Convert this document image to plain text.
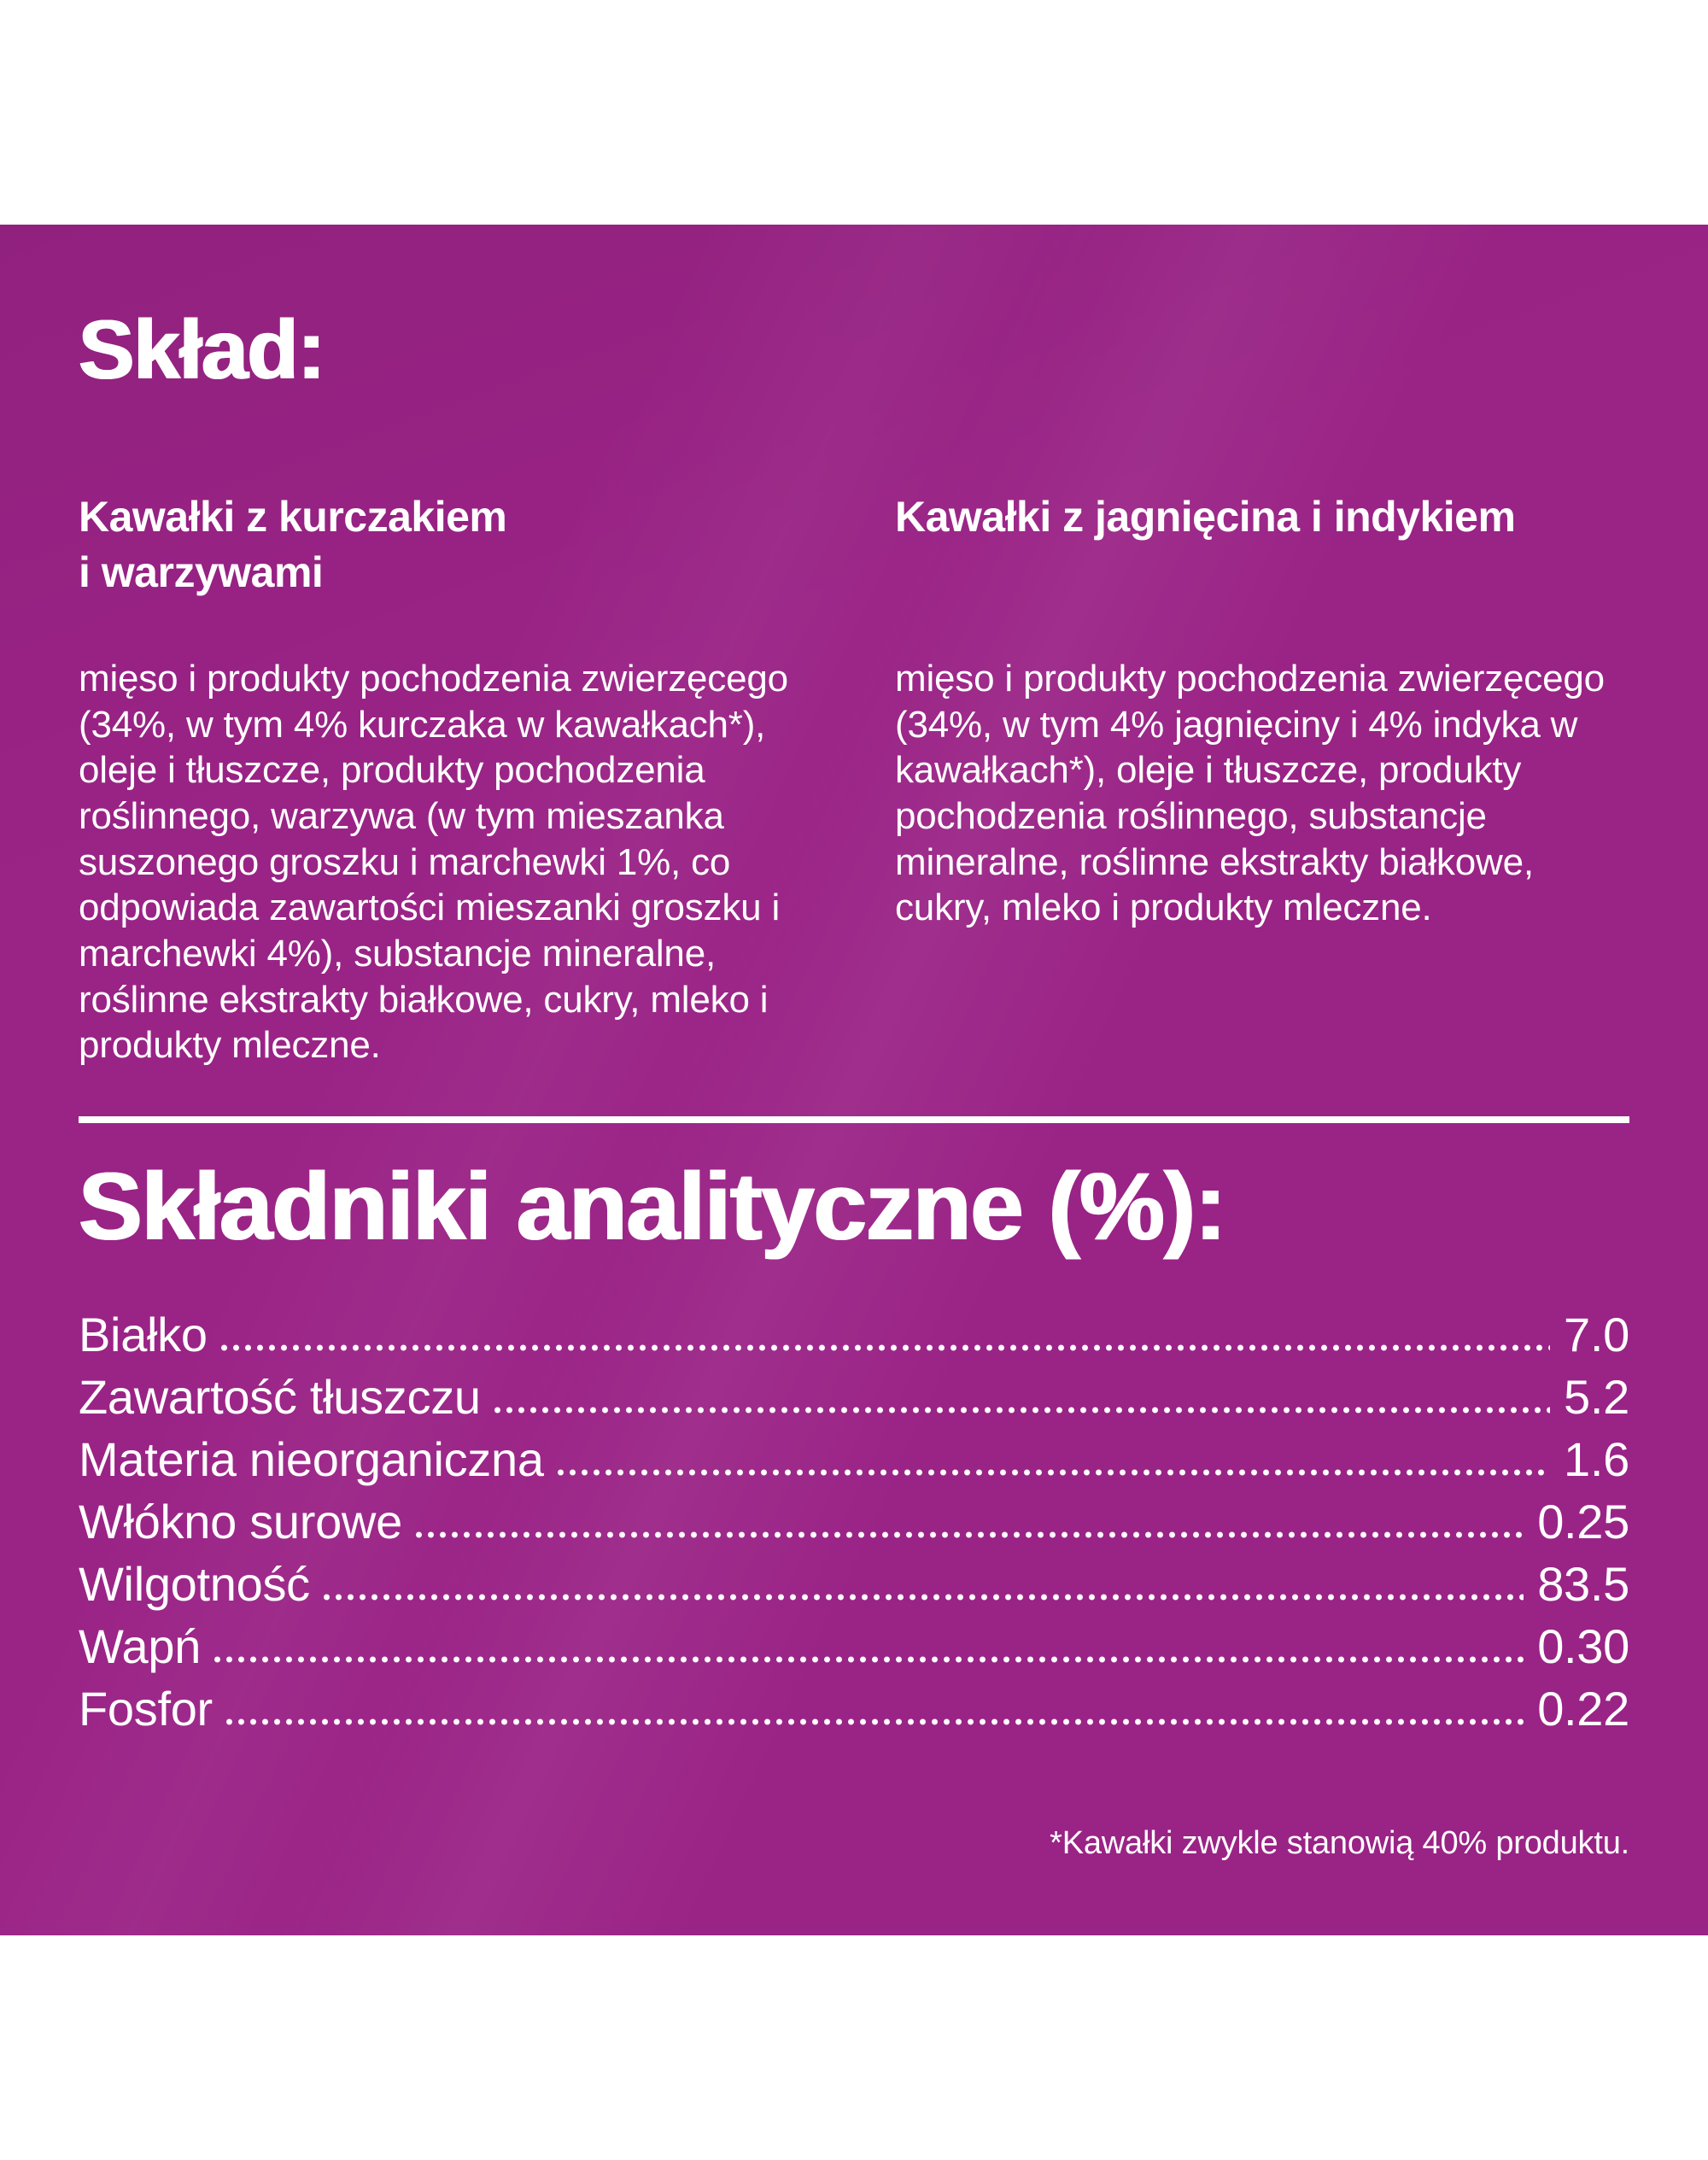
Skład:
Kawałki z kurczakiem
i warzywami
mięso i produkty pochodzenia zwierzęcego (34%, w tym 4% kurczaka w kawałkach*), oleje i tłuszcze, produkty pochodzenia roślinnego, warzywa (w tym mieszanka suszonego groszku i marchewki 1%, co odpowiada zawartości mieszanki groszku i marchewki 4%), substancje mineralne, roślinne ekstrakty białkowe, cukry, mleko i produkty mleczne.
Kawałki z jagnięcina i indykiem
mięso i produkty pochodzenia zwierzęcego (34%, w tym 4% jagnięciny i 4% indyka w kawałkach*), oleje i tłuszcze, produkty pochodzenia roślinnego, substancje mineralne, roślinne ekstrakty białkowe, cukry, mleko i produkty mleczne.
Składniki analityczne (%):
Białko	7.0
Zawartość tłuszczu	5.2
Materia nieorganiczna	1.6
Włókno surowe	0.25
Wilgotność	83.5
Wapń	0.30
Fosfor	0.22
*Kawałki zwykle stanowią 40% produktu.
